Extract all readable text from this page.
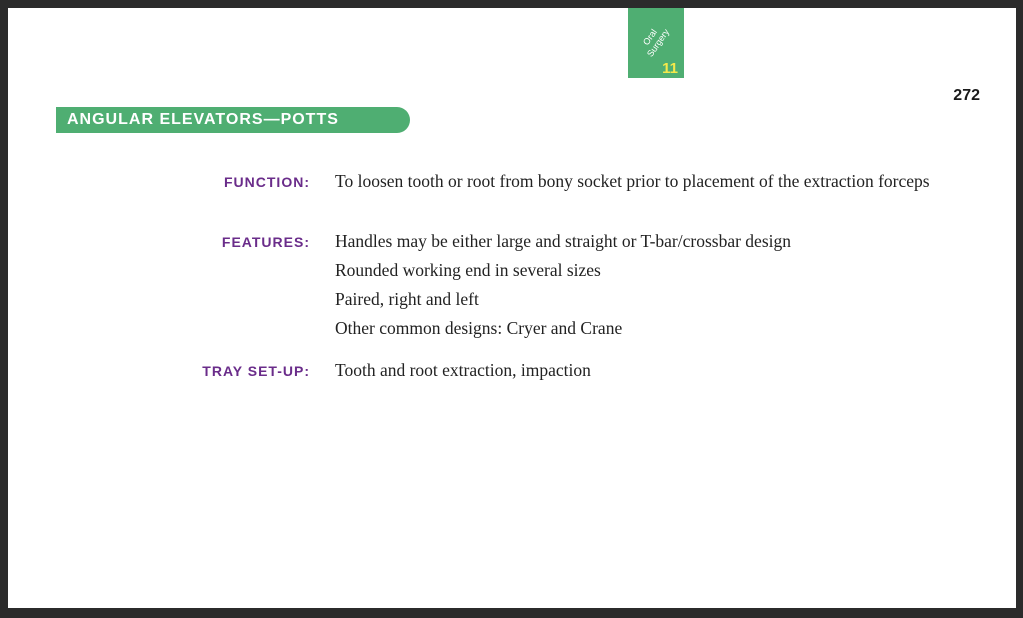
Oral Surgery
11
272
ANGULAR ELEVATORS—POTTS
FUNCTION: To loosen tooth or root from bony socket prior to placement of the extraction forceps
FEATURES: Handles may be either large and straight or T-bar/crossbar design
Rounded working end in several sizes
Paired, right and left
Other common designs: Cryer and Crane
TRAY SET-UP: Tooth and root extraction, impaction
